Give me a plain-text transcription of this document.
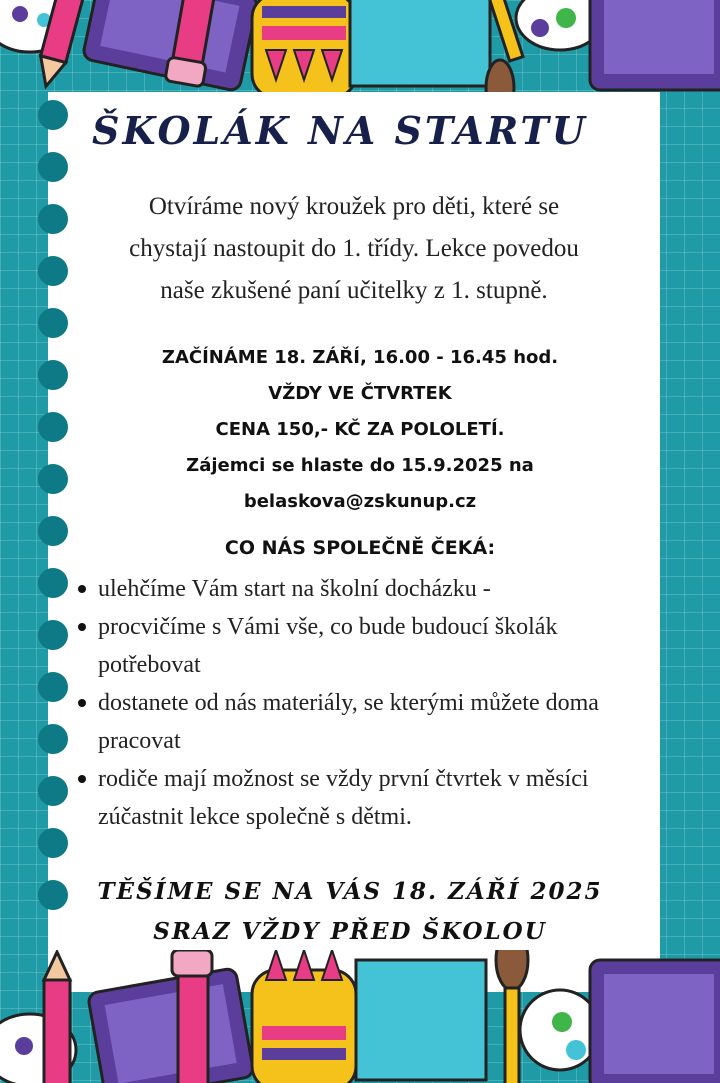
ŠKOLÁK NA STARTU

Otvíráme nový kroužek pro děti, které se
chystají nastoupit do 1. třídy. Lekce povedou
naše zkušené paní učitelky z 1. stupně.

ZAČÍNÁME 18. ZÁŘÍ, 16.00 - 16.45 hod.
VŽDY VE ČTVRTEK
CENA 150,- KČ ZA POLOLETÍ.
Zájemci se hlaste do 15.9.2025 na
belaskova@zskunup.cz
CO NÁS SPOLEČNĚ ČEKÁ:
ulehčíme Vám start na školní docházku -
procvičíme s Vámi vše, co bude budoucí školák potřebovat
dostanete od nás materiály, se kterými můžete doma pracovat
rodiče mají možnost se vždy první čtvrtek v měsíci zúčastnit lekce společně s dětmi.

TĚŠÍME SE NA VÁS 18. ZÁŘÍ 2025
SRAZ VŽDY PŘED ŠKOLOU
